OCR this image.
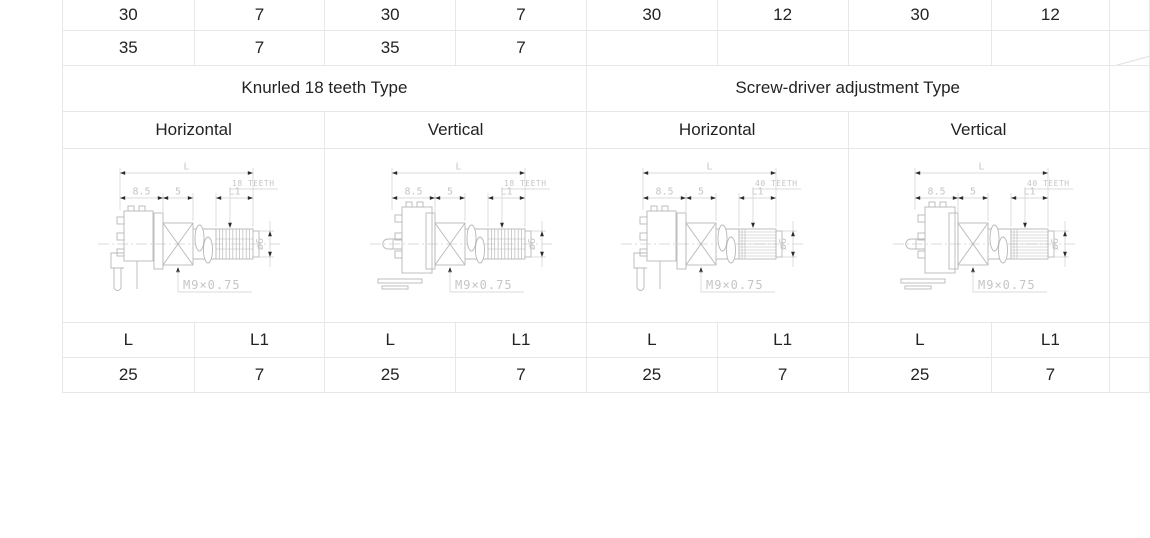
30	7	30	7	30	12	30	12	
35	7	35	7					
Knurled 18 teeth Type				Screw-driver adjustment Type				
Horizontal		Vertical		Horizontal		Vertical		

L
8.5 5	L1
18 TEETH
ø6
M9×0.75

L
8.5 5	L1
18 TEETH
ø6
M9×0.75

L
8.5 5	L1
40 TEETH
ø6
M9×0.75

L
8.5 5	L1
40 TEETH
ø6
M9×0.75

L	L1	L	L1	L	L1	L	L1	
25	7	25	7	25	7	25	7	
